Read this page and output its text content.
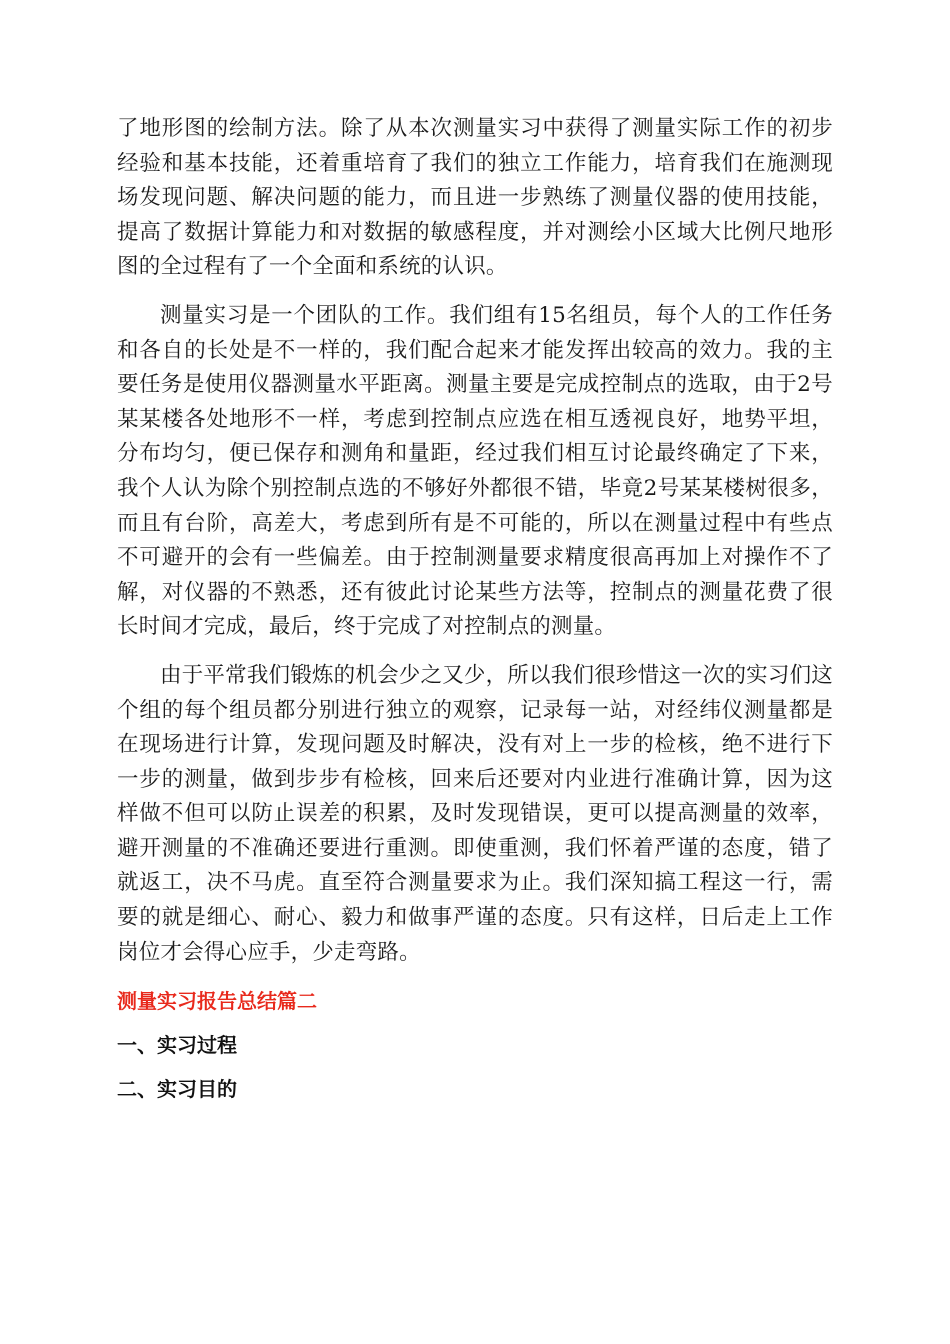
了地形图的绘制方法。除了从本次测量实习中获得了测量实际工作的初步经验和基本技能，还着重培育了我们的独立工作能力，培育我们在施测现场发现问题、解决问题的能力，而且进一步熟练了测量仪器的使用技能，提高了数据计算能力和对数据的敏感程度，并对测绘小区域大比例尺地形图的全过程有了一个全面和系统的认识。

测量实习是一个团队的工作。我们组有15名组员，每个人的工作任务和各自的长处是不一样的，我们配合起来才能发挥出较高的效力。我的主要任务是使用仪器测量水平距离。测量主要是完成控制点的选取，由于2号某某楼各处地形不一样，考虑到控制点应选在相互透视良好，地势平坦，分布均匀，便已保存和测角和量距，经过我们相互讨论最终确定了下来，我个人认为除个别控制点选的不够好外都很不错，毕竟2号某某楼树很多，而且有台阶，高差大，考虑到所有是不可能的，所以在测量过程中有些点不可避开的会有一些偏差。由于控制测量要求精度很高再加上对操作不了解，对仪器的不熟悉，还有彼此讨论某些方法等，控制点的测量花费了很长时间才完成，最后，终于完成了对控制点的测量。

由于平常我们锻炼的机会少之又少，所以我们很珍惜这一次的实习们这个组的每个组员都分别进行独立的观察，记录每一站，对经纬仪测量都是在现场进行计算，发现问题及时解决，没有对上一步的检核，绝不进行下一步的测量，做到步步有检核，回来后还要对内业进行准确计算，因为这样做不但可以防止误差的积累，及时发现错误，更可以提高测量的效率，避开测量的不准确还要进行重测。即使重测，我们怀着严谨的态度，错了就返工，决不马虎。直至符合测量要求为止。我们深知搞工程这一行，需要的就是细心、耐心、毅力和做事严谨的态度。只有这样，日后走上工作岗位才会得心应手，少走弯路。

测量实习报告总结篇二
一、实习过程
二、实习目的
